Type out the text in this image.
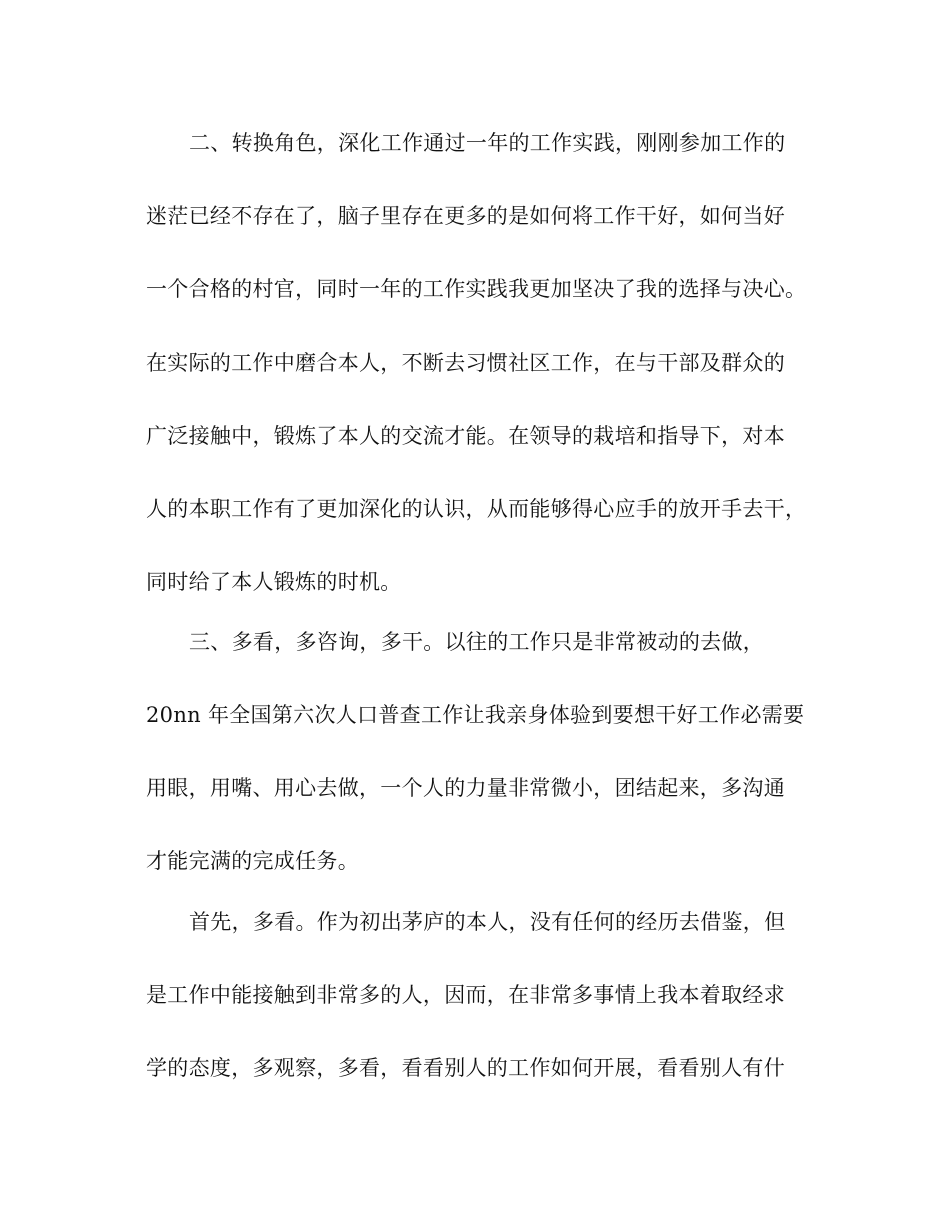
二、转换角色，深化工作通过一年的工作实践，刚刚参加工作的
迷茫已经不存在了，脑子里存在更多的是如何将工作干好，如何当好
一个合格的村官，同时一年的工作实践我更加坚决了我的选择与决心。
在实际的工作中磨合本人，不断去习惯社区工作，在与干部及群众的
广泛接触中，锻炼了本人的交流才能。在领导的栽培和指导下，对本
人的本职工作有了更加深化的认识，从而能够得心应手的放开手去干，
同时给了本人锻炼的时机。
三、多看，多咨询，多干。以往的工作只是非常被动的去做，
20nn 年全国第六次人口普查工作让我亲身体验到要想干好工作必需要
用眼，用嘴、用心去做，一个人的力量非常微小，团结起来，多沟通
才能完满的完成任务。
首先，多看。作为初出茅庐的本人，没有任何的经历去借鉴，但
是工作中能接触到非常多的人，因而，在非常多事情上我本着取经求
学的态度，多观察，多看，看看别人的工作如何开展，看看别人有什
